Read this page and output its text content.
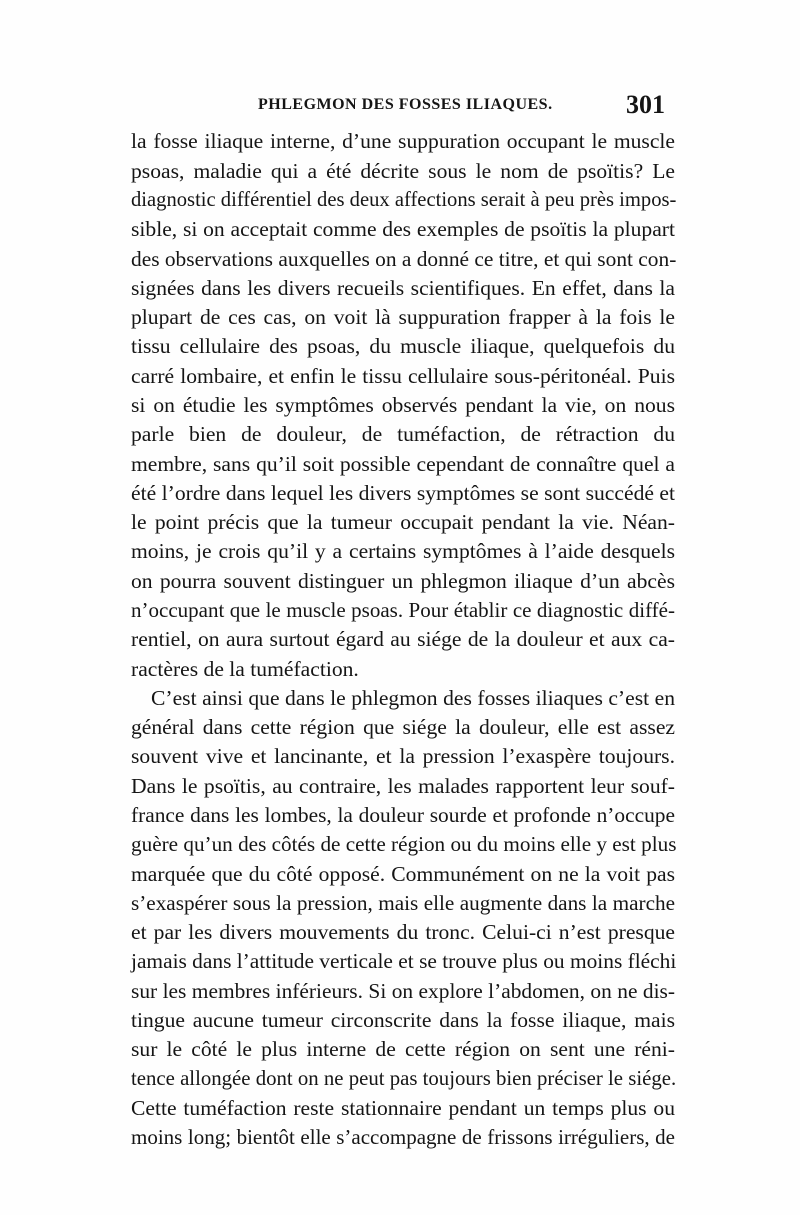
PHLEGMON DES FOSSES ILIAQUES.	301
la fosse iliaque interne, d’une suppuration occupant le muscle
psoas, maladie qui a été décrite sous le nom de psoïtis? Le
diagnostic différentiel des deux affections serait à peu près impos-
sible, si on acceptait comme des exemples de psoïtis la plupart
des observations auxquelles on a donné ce titre, et qui sont con-
signées dans les divers recueils scientifiques. En effet, dans la
plupart de ces cas, on voit là suppuration frapper à la fois le
tissu cellulaire des psoas, du muscle iliaque, quelquefois du
carré lombaire, et enfin le tissu cellulaire sous-péritonéal. Puis
si on étudie les symptômes observés pendant la vie, on nous
parle bien de douleur, de tuméfaction, de rétraction du
membre, sans qu’il soit possible cependant de connaître quel a
été l’ordre dans lequel les divers symptômes se sont succédé et
le point précis que la tumeur occupait pendant la vie. Néan-
moins, je crois qu’il y a certains symptômes à l’aide desquels
on pourra souvent distinguer un phlegmon iliaque d’un abcès
n’occupant que le muscle psoas. Pour établir ce diagnostic diffé-
rentiel, on aura surtout égard au siége de la douleur et aux ca-
ractères de la tuméfaction.
C’est ainsi que dans le phlegmon des fosses iliaques c’est en
général dans cette région que siége la douleur, elle est assez
souvent vive et lancinante, et la pression l’exaspère toujours.
Dans le psoïtis, au contraire, les malades rapportent leur souf-
france dans les lombes, la douleur sourde et profonde n’occupe
guère qu’un des côtés de cette région ou du moins elle y est plus
marquée que du côté opposé. Communément on ne la voit pas
s’exaspérer sous la pression, mais elle augmente dans la marche
et par les divers mouvements du tronc. Celui-ci n’est presque
jamais dans l’attitude verticale et se trouve plus ou moins fléchi
sur les membres inférieurs. Si on explore l’abdomen, on ne dis-
tingue aucune tumeur circonscrite dans la fosse iliaque, mais
sur le côté le plus interne de cette région on sent une réni-
tence allongée dont on ne peut pas toujours bien préciser le siége.
Cette tuméfaction reste stationnaire pendant un temps plus ou
moins long; bientôt elle s’accompagne de frissons irréguliers, de
